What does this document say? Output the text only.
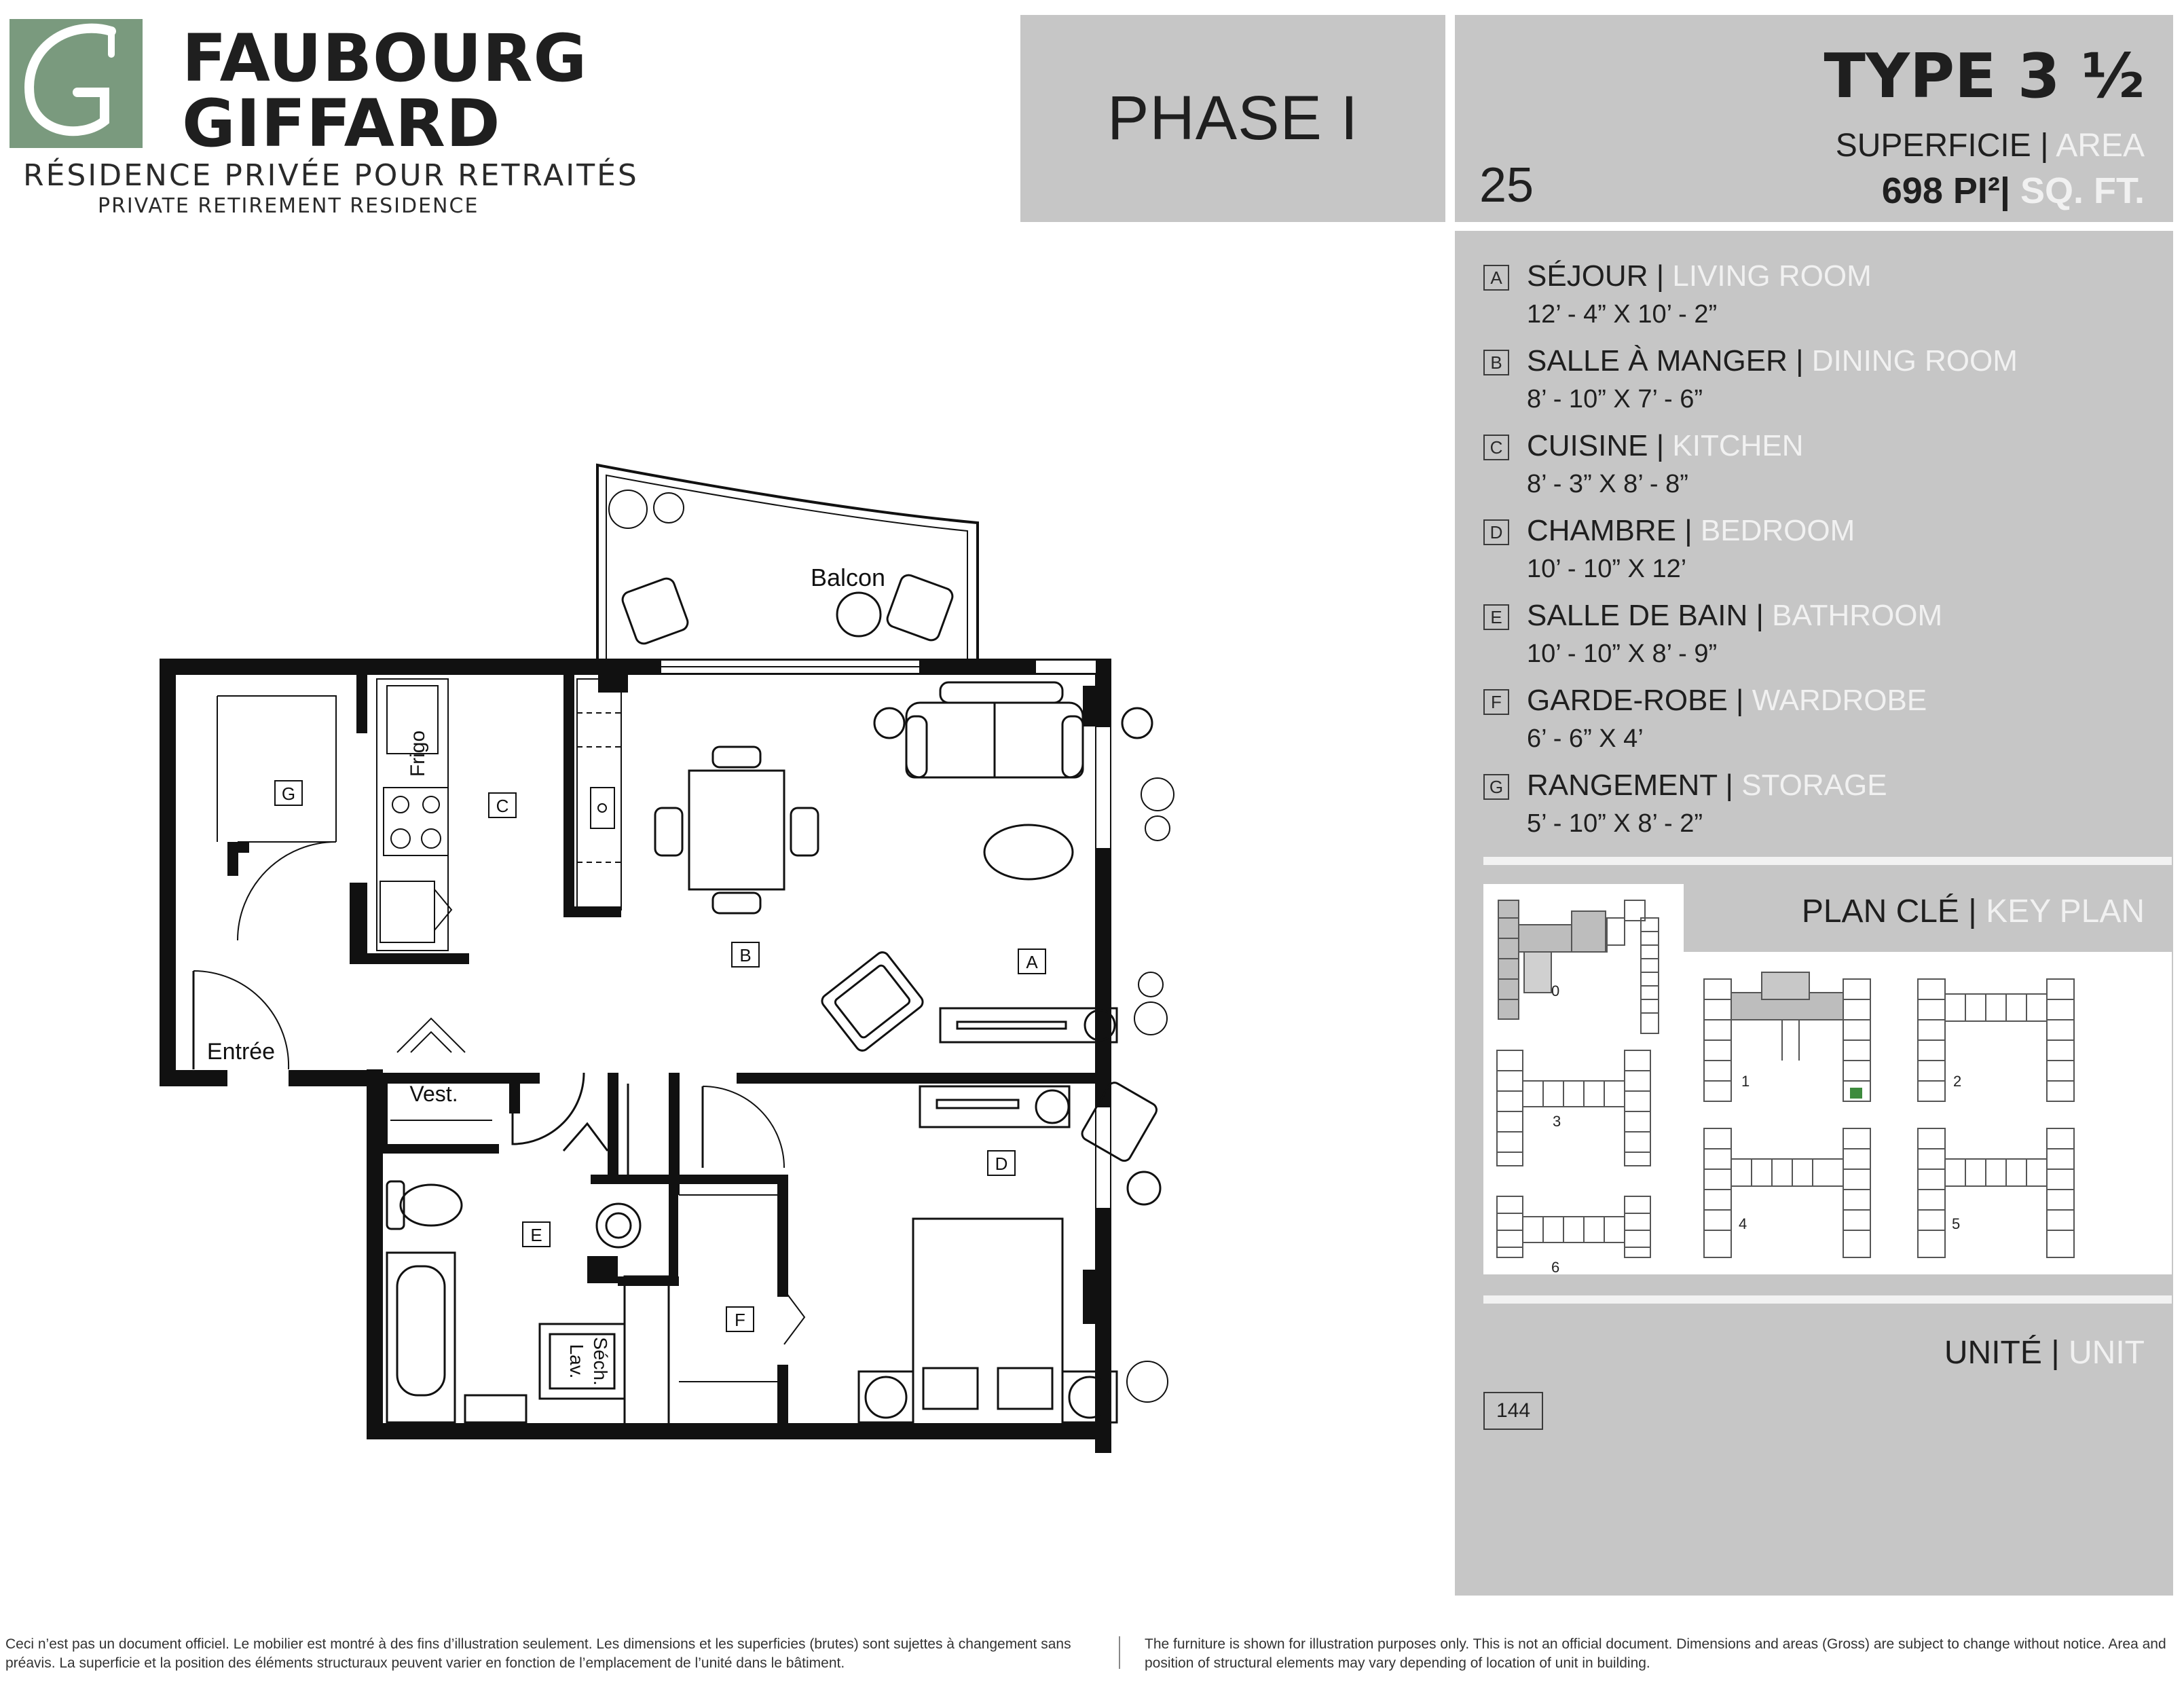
FAUBOURG
GIFFARD
RÉSIDENCE PRIVÉE POUR RETRAITÉS
PRIVATE RETIREMENT RESIDENCE
PHASE I
25
TYPE 3 ½
SUPERFICIE | AREA
698 PI²| SQ. FT.
A SÉJOUR | LIVING ROOM
12’ - 4” X 10’ - 2”
B SALLE À MANGER | DINING ROOM
8’ - 10” X 7’ - 6”
C CUISINE | KITCHEN
8’ - 3” X 8’ - 8”
D CHAMBRE | BEDROOM
10’ - 10” X 12’
E SALLE DE BAIN | BATHROOM
10’ - 10” X 8’ - 9”
F GARDE-ROBE | WARDROBE
6’ - 6” X 4’
G RANGEMENT | STORAGE
5’ - 10” X 8’ - 2”
0
1	2
3
4	5
6
PLAN CLÉ | KEY PLAN
UNITÉ | UNIT
144
Balcon
Entrée
Vest.
Frigo
Séch.
Lav.
G
C
B	A
D
E
F
Ceci n’est pas un document officiel. Le mobilier est montré à des fins d’illustration seulement. Les dimensions et les superficies (brutes) sont sujettes à changement sans préavis. La superficie et la position des éléments structuraux peuvent varier en fonction de l’emplacement de l’unité dans le bâtiment.
The furniture is shown for illustration purposes only. This is not an official document. Dimensions and areas (Gross) are subject to change without notice. Area and position of structural elements may vary depending of location of unit in building.
